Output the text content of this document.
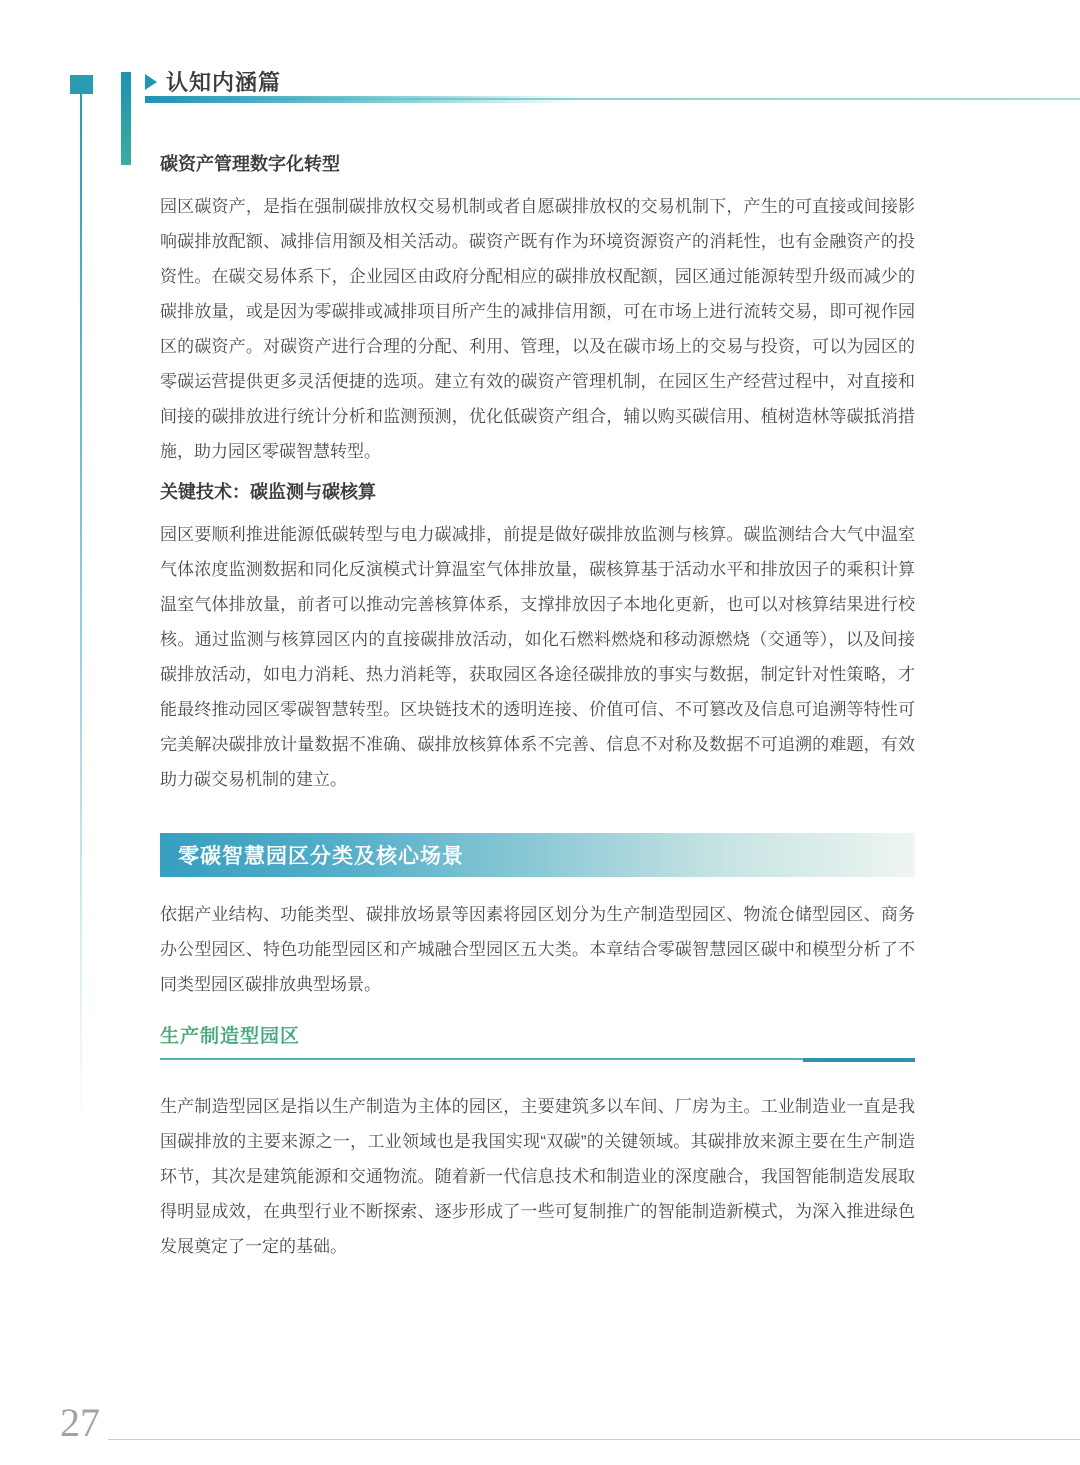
认知内涵篇
碳资产管理数字化转型

园区碳资产，是指在强制碳排放权交易机制或者自愿碳排放权的交易机制下，产生的可直接或间接影响碳排放配额、减排信用额及相关活动。碳资产既有作为环境资源资产的消耗性，也有金融资产的投资性。在碳交易体系下，企业园区由政府分配相应的碳排放权配额，园区通过能源转型升级而减少的碳排放量，或是因为零碳排或减排项目所产生的减排信用额，可在市场上进行流转交易，即可视作园区的碳资产。对碳资产进行合理的分配、利用、管理，以及在碳市场上的交易与投资，可以为园区的零碳运营提供更多灵活便捷的选项。建立有效的碳资产管理机制，在园区生产经营过程中，对直接和间接的碳排放进行统计分析和监测预测，优化低碳资产组合，辅以购买碳信用、植树造林等碳抵消措施，助力园区零碳智慧转型。

关键技术：碳监测与碳核算

园区要顺利推进能源低碳转型与电力碳减排，前提是做好碳排放监测与核算。碳监测结合大气中温室气体浓度监测数据和同化反演模式计算温室气体排放量，碳核算基于活动水平和排放因子的乘积计算温室气体排放量，前者可以推动完善核算体系，支撑排放因子本地化更新，也可以对核算结果进行校核。通过监测与核算园区内的直接碳排放活动，如化石燃料燃烧和移动源燃烧（交通等），以及间接碳排放活动，如电力消耗、热力消耗等，获取园区各途径碳排放的事实与数据，制定针对性策略，才能最终推动园区零碳智慧转型。区块链技术的透明连接、价值可信、不可篡改及信息可追溯等特性可完美解决碳排放计量数据不准确、碳排放核算体系不完善、信息不对称及数据不可追溯的难题，有效助力碳交易机制的建立。

零碳智慧园区分类及核心场景

依据产业结构、功能类型、碳排放场景等因素将园区划分为生产制造型园区、物流仓储型园区、商务办公型园区、特色功能型园区和产城融合型园区五大类。本章结合零碳智慧园区碳中和模型分析了不同类型园区碳排放典型场景。

生产制造型园区

生产制造型园区是指以生产制造为主体的园区，主要建筑多以车间、厂房为主。工业制造业一直是我国碳排放的主要来源之一，工业领域也是我国实现“双碳”的关键领域。其碳排放来源主要在生产制造环节，其次是建筑能源和交通物流。随着新一代信息技术和制造业的深度融合，我国智能制造发展取得明显成效，在典型行业不断探索、逐步形成了一些可复制推广的智能制造新模式，为深入推进绿色发展奠定了一定的基础。

27
